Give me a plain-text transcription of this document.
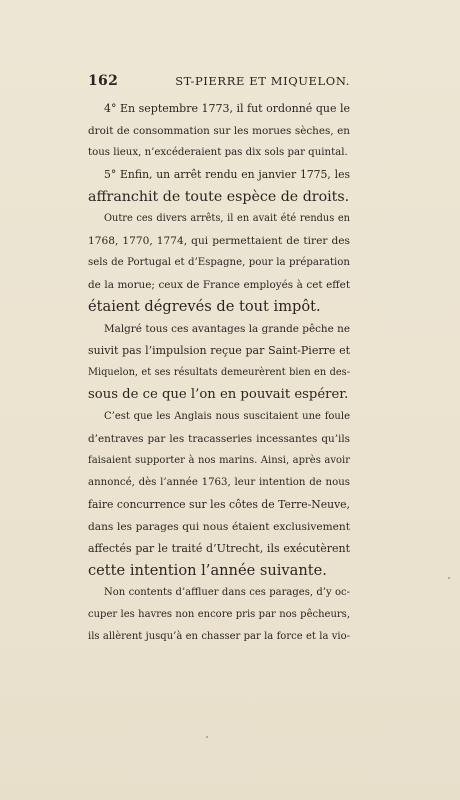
162	ST-PIERRE ET MIQUELON.

4° En septembre 1773, il fut ordonné que le
droit de consommation sur les morues sèches, en
tous lieux, n’excéderaient pas dix sols par quintal.

5° Enfin, un arrêt rendu en janvier 1775, les
affranchit de toute espèce de droits.

Outre ces divers arrêts, il en avait été rendus en
1768, 1770, 1774, qui permettaient de tirer des
sels de Portugal et d’Espagne, pour la préparation
de la morue; ceux de France employés à cet effet
étaient dégrevés de tout impôt.

Malgré tous ces avantages la grande pêche ne
suivit pas l’impulsion reçue par Saint-Pierre et
Miquelon, et ses résultats demeurèrent bien en des-
sous de ce que l’on en pouvait espérer.

C’est que les Anglais nous suscitaient une foule
d’entraves par les tracasseries incessantes qu’ils
faisaient supporter à nos marins. Ainsi, après avoir
annoncé, dès l’année 1763, leur intention de nous
faire concurrence sur les côtes de Terre-Neuve,
dans les parages qui nous étaient exclusivement
affectés par le traité d’Utrecht, ils exécutèrent
cette intention l’année suivante.

Non contents d’affluer dans ces parages, d’y oc-
cuper les havres non encore pris par nos pêcheurs,
ils allèrent jusqu’à en chasser par la force et la vio-
